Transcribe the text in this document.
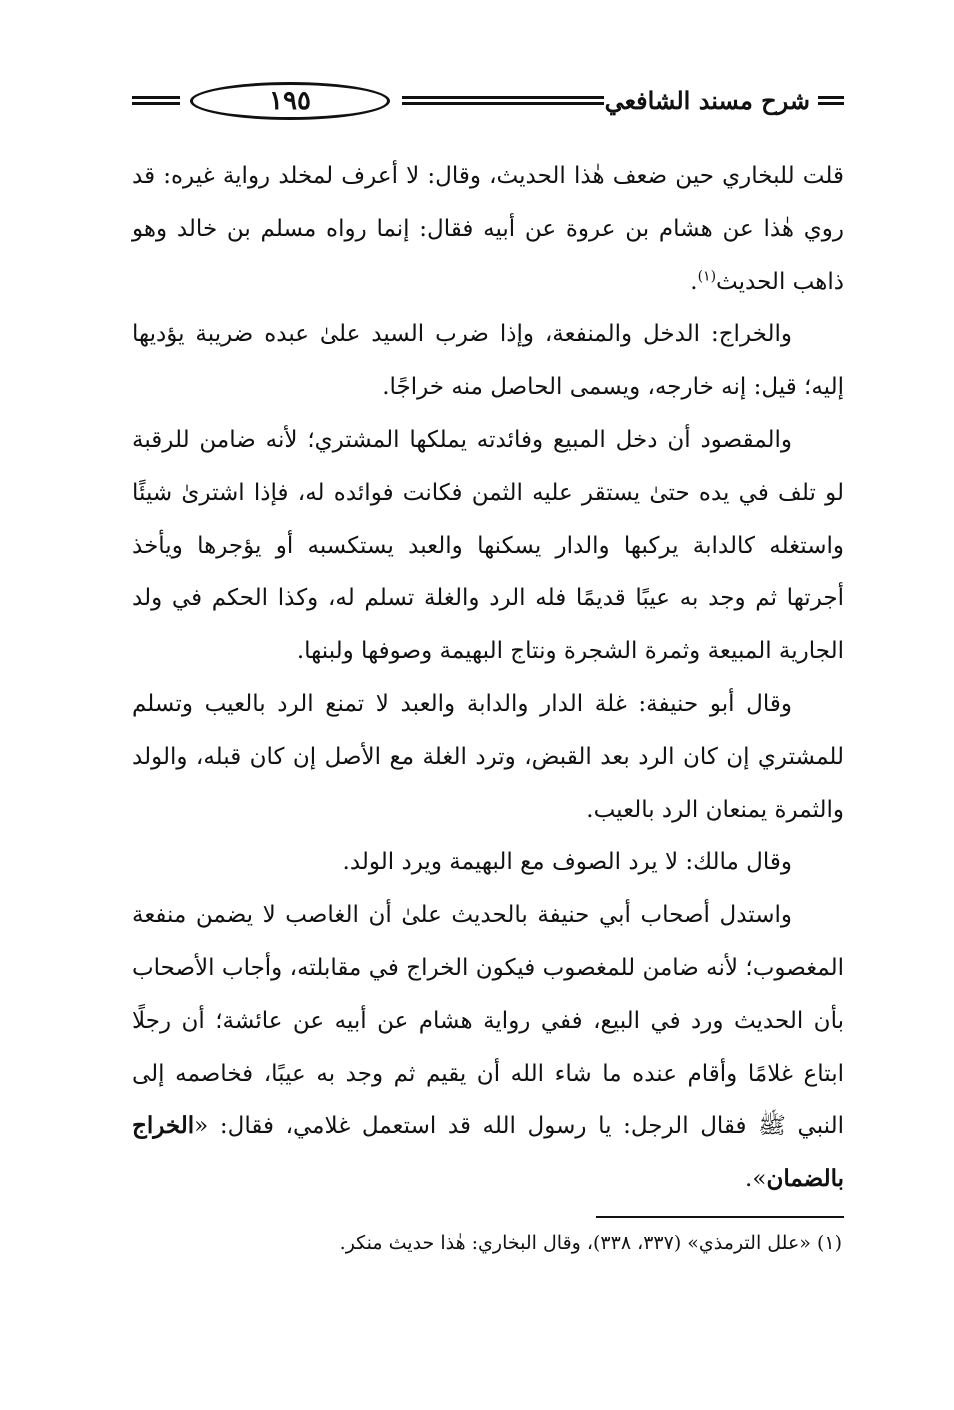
شرح مسند الشافعي
١٩٥

قلت للبخاري حين ضعف هٰذا الحديث، وقال: لا أعرف لمخلد رواية غيره: قد روي هٰذا عن هشام بن عروة عن أبيه فقال: إنما رواه مسلم بن خالد وهو ذاهب الحديث$^{(١)}$.

والخراج: الدخل والمنفعة، وإذا ضرب السيد علىٰ عبده ضريبة يؤديها إليه؛ قيل: إنه خارجه، ويسمى الحاصل منه خراجًا.

والمقصود أن دخل المبيع وفائدته يملكها المشتري؛ لأنه ضامن للرقبة لو تلف في يده حتىٰ يستقر عليه الثمن فكانت فوائده له، فإذا اشترىٰ شيئًا واستغله كالدابة يركبها والدار يسكنها والعبد يستكسبه أو يؤجرها ويأخذ أجرتها ثم وجد به عيبًا قديمًا فله الرد والغلة تسلم له، وكذا الحكم في ولد الجارية المبيعة وثمرة الشجرة ونتاج البهيمة وصوفها ولبنها.

وقال أبو حنيفة: غلة الدار والدابة والعبد لا تمنع الرد بالعيب وتسلم للمشتري إن كان الرد بعد القبض، وترد الغلة مع الأصل إن كان قبله، والولد والثمرة يمنعان الرد بالعيب.

وقال مالك: لا يرد الصوف مع البهيمة ويرد الولد.

واستدل أصحاب أبي حنيفة بالحديث علىٰ أن الغاصب لا يضمن منفعة المغصوب؛ لأنه ضامن للمغصوب فيكون الخراج في مقابلته، وأجاب الأصحاب بأن الحديث ورد في البيع، ففي رواية هشام عن أبيه عن عائشة؛ أن رجلًا ابتاع غلامًا وأقام عنده ما شاء الله أن يقيم ثم وجد به عيبًا، فخاصمه إلى النبي ﷺ فقال الرجل: يا رسول الله قد استعمل غلامي، فقال: «الخراج بالضمان».

(١) «علل الترمذي» (٣٣٧، ٣٣٨)، وقال البخاري: هٰذا حديث منكر.
